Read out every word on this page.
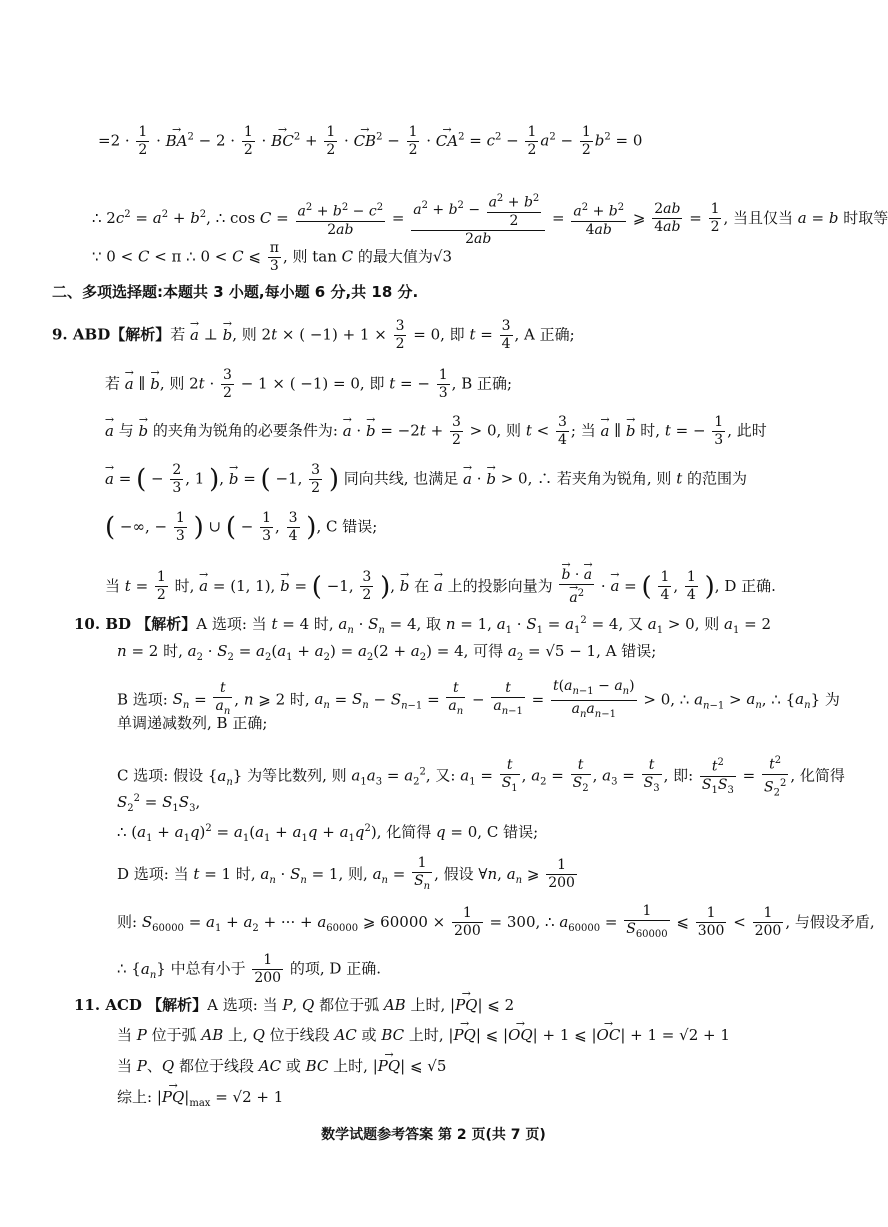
$=2 \cdot \frac{1}{2}$ · → $BA^2 - 2 \cdot \frac{1}{2}$ · → $BC^2 + \frac{1}{2}$ · → $CB^2 - \frac{1}{2}$ · → $CA^2 = c^2 - \frac{1}{2} a^2 - \frac{1}{2} b^2 = 0$
∴ $2c^2 = a^2 + b^2$, ∴ $\cos C = \frac{a^2 + b^2 - c^2}{2ab} = \frac{a^2 + b^2 - \frac{a^2 + b^2}{2}}{2ab} = \frac{a^2 + b^2}{4ab}$ ⩾ $\frac{2ab}{4ab} = \frac{1}{2}$ , 当且仅当 a = b 时取等
∵ 0 < C < π ∴ 0 < C ⩽ $\frac{\pi}{3}$ , 则 tan C 的最大值为√3
二、多项选择题:本题共 3 小题,每小题 6 分,共 18 分.
9. ABD【解析】若 → a ⊥ → b, 则 2t × ( $-1) + 1 \times \frac{3}{2} = 0$, 即 $t = \frac{3}{4}$ , A 正确;
若 → a ∥ → b, 则 $2t \cdot \frac{3}{2} - 1$ × ( −1) = 0, 即 t = − $\frac{1}{3}$ , B 正确;
→ a 与 → b 的夹角为锐角的必要条件为: → a · → $b = -2t + \frac{3}{2} > 0$, 则 $t < \frac{3}{4}$ ; 当 → a ∥ → b 时, t = − $\frac{1}{3}$ , 此时
→ a = ( − $\frac{2}{3}$ , 1 ), → b = ( −1, $\frac{3}{2}$ ) 同向共线, 也满足 → a · → b > 0, ∴ 若夹角为锐角, 则 t 的范围为
( −∞, − $\frac{1}{3}$ ) ∪ ( − $\frac{1}{3}$ , $\frac{3}{4}$ ), C 错误;
当 $t = \frac{1}{2}$ 时, → a = (1, 1), → b = ( −1, $\frac{3}{2}$ ), → b 在 → a 上的投影向量为
→ b · → a
→ $a^2$ · → a = ( $\frac{1}{4}$ , $\frac{1}{4}$ ), D 正确.
10. BD 【解析】A 选项: 当 t = 4 时, $a_n \cdot S_n = 4$, 取 n = 1, $a_1 \cdot S_1 = a_1^2 = 4$, 又 $a_1 > 0$, 则 $a_1 = 2$
n = 2 时, $a_2 \cdot S_2 = a_2(a_1 + a_2) = a_2(2 + a_2) = 4$, 可得 $a_2 = √5 - 1$, A 错误;
B 选项: $S_n = \frac{t}{a_n}$ , n ⩾ 2 时, $a_n = S_n - S_{n-1} = \frac{t}{a_n} - \frac{t}{a_{n-1}}$ =
$t(a_{n-1} - a_n)$
$a_na_{n-1}$
> 0, ∴ $a_{n-1} > a_n$, ∴ $\{a_n\}$ 为
单调递减数列, B 正确;
C 选项: 假设 $\{a_n\}$ 为等比数列, 则 $a_1a_3 = a_2^2$, 又: $a_1 = \frac{t}{S_1}$ , $a_2 = \frac{t}{S_2}$ , $a_3 = \frac{t}{S_3}$ , 即: $\frac{t^2}{S_1S_3} = \frac{t^2}{S_2^2}$ , 化简得
$S_2^2 = S_1S_3$,
∴ $(a_1 + a_1q)^2 = a_1(a_1 + a_1q + a_1q^2)$, 化简得 q = 0, C 错误;
D 选项: 当 t = 1 时, $a_n \cdot S_n = 1$, 则, $a_n = \frac{1}{S_n}$ , 假设 ∀n, $a_n$ ⩾ $\frac{1}{200}$
则: $S_{60000} = a_1 + a_2$ + ··· + $a_{60000}$ ⩾ $60000 \times \frac{1}{200} = 300$, ∴ $a_{60000} = \frac{1}{S_{60000}}$ ⩽ $\frac{1}{300} < \frac{1}{200}$ , 与假设矛盾,
∴ $\{a_n\}$ 中总有小于 $\frac{1}{200}$ 的项, D 正确.
11. ACD 【解析】A 选项: 当 P, Q 都位于弧 AB 上时, |→ PQ| ⩽ 2
当 P 位于弧 AB 上, Q 位于线段 AC 或 BC 上时, |→ PQ| ⩽ |→ OQ| + 1 ⩽ |→ OC| + 1 = √2 + 1
当 P、Q 都位于线段 AC 或 BC 上时, |→ PQ| ⩽ √5
综上: |→ $PQ|_{max} = √2 + 1$
数学试题参考答案 第 2 页(共 7 页)
